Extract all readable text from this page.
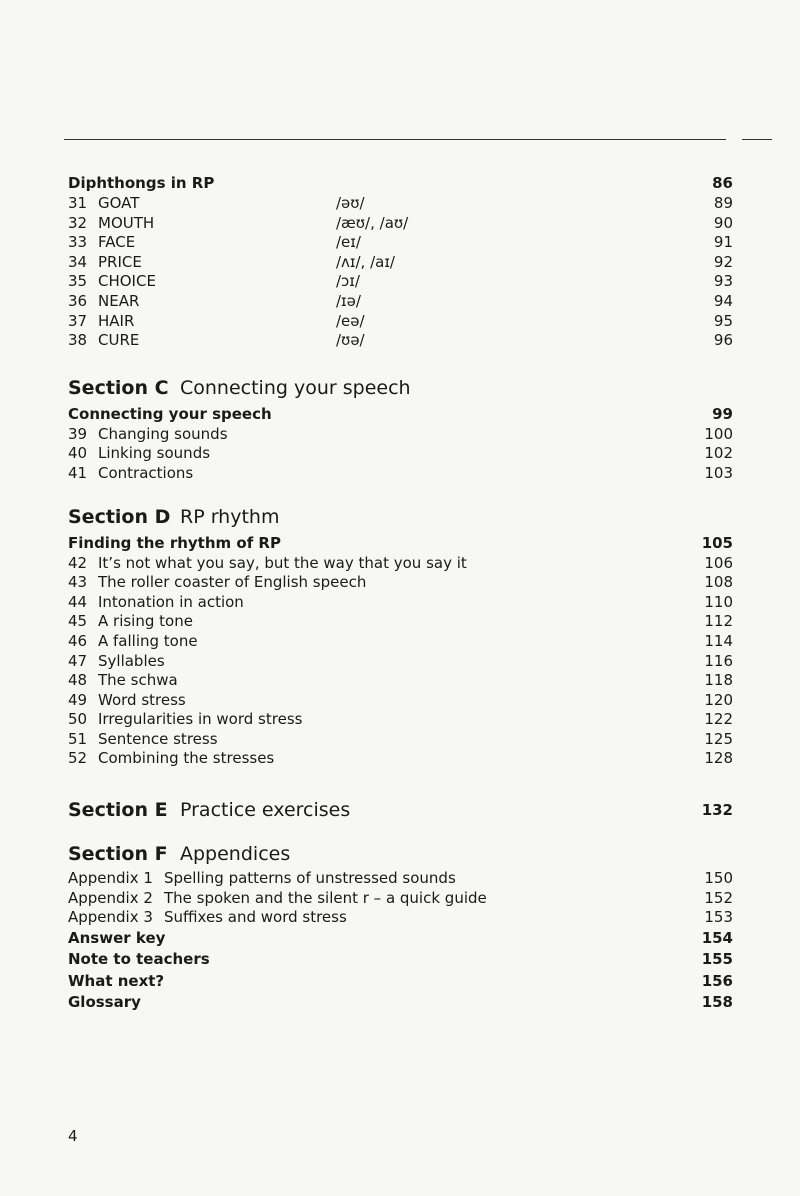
Diphthongs in RP	86
31 GOAT	/əʊ/	89
32 MOUTH	/æʊ/, /aʊ/	90
33 FACE	/eɪ/	91
34 PRICE	/ʌɪ/, /aɪ/	92
35 CHOICE	/ɔɪ/	93
36 NEAR	/ɪə/	94
37 HAIR	/eə/	95
38 CURE	/ʊə/	96
Section C Connecting your speech
Connecting your speech	99
39 Changing sounds	100
40 Linking sounds	102
41 Contractions	103
Section D RP rhythm
Finding the rhythm of RP	105
42 It’s not what you say, but the way that you say it	106
43 The roller coaster of English speech	108
44 Intonation in action	110
45 A rising tone	112
46 A falling tone	114
47 Syllables	116
48 The schwa	118
49 Word stress	120
50 Irregularities in word stress	122
51 Sentence stress	125
52 Combining the stresses	128
Section E Practice exercises	132
Section F Appendices
Appendix 1 Spelling patterns of unstressed sounds	150
Appendix 2 The spoken and the silent r – a quick guide	152
Appendix 3 Suffixes and word stress	153
Answer key	154
Note to teachers	155
What next?	156
Glossary	158
4
